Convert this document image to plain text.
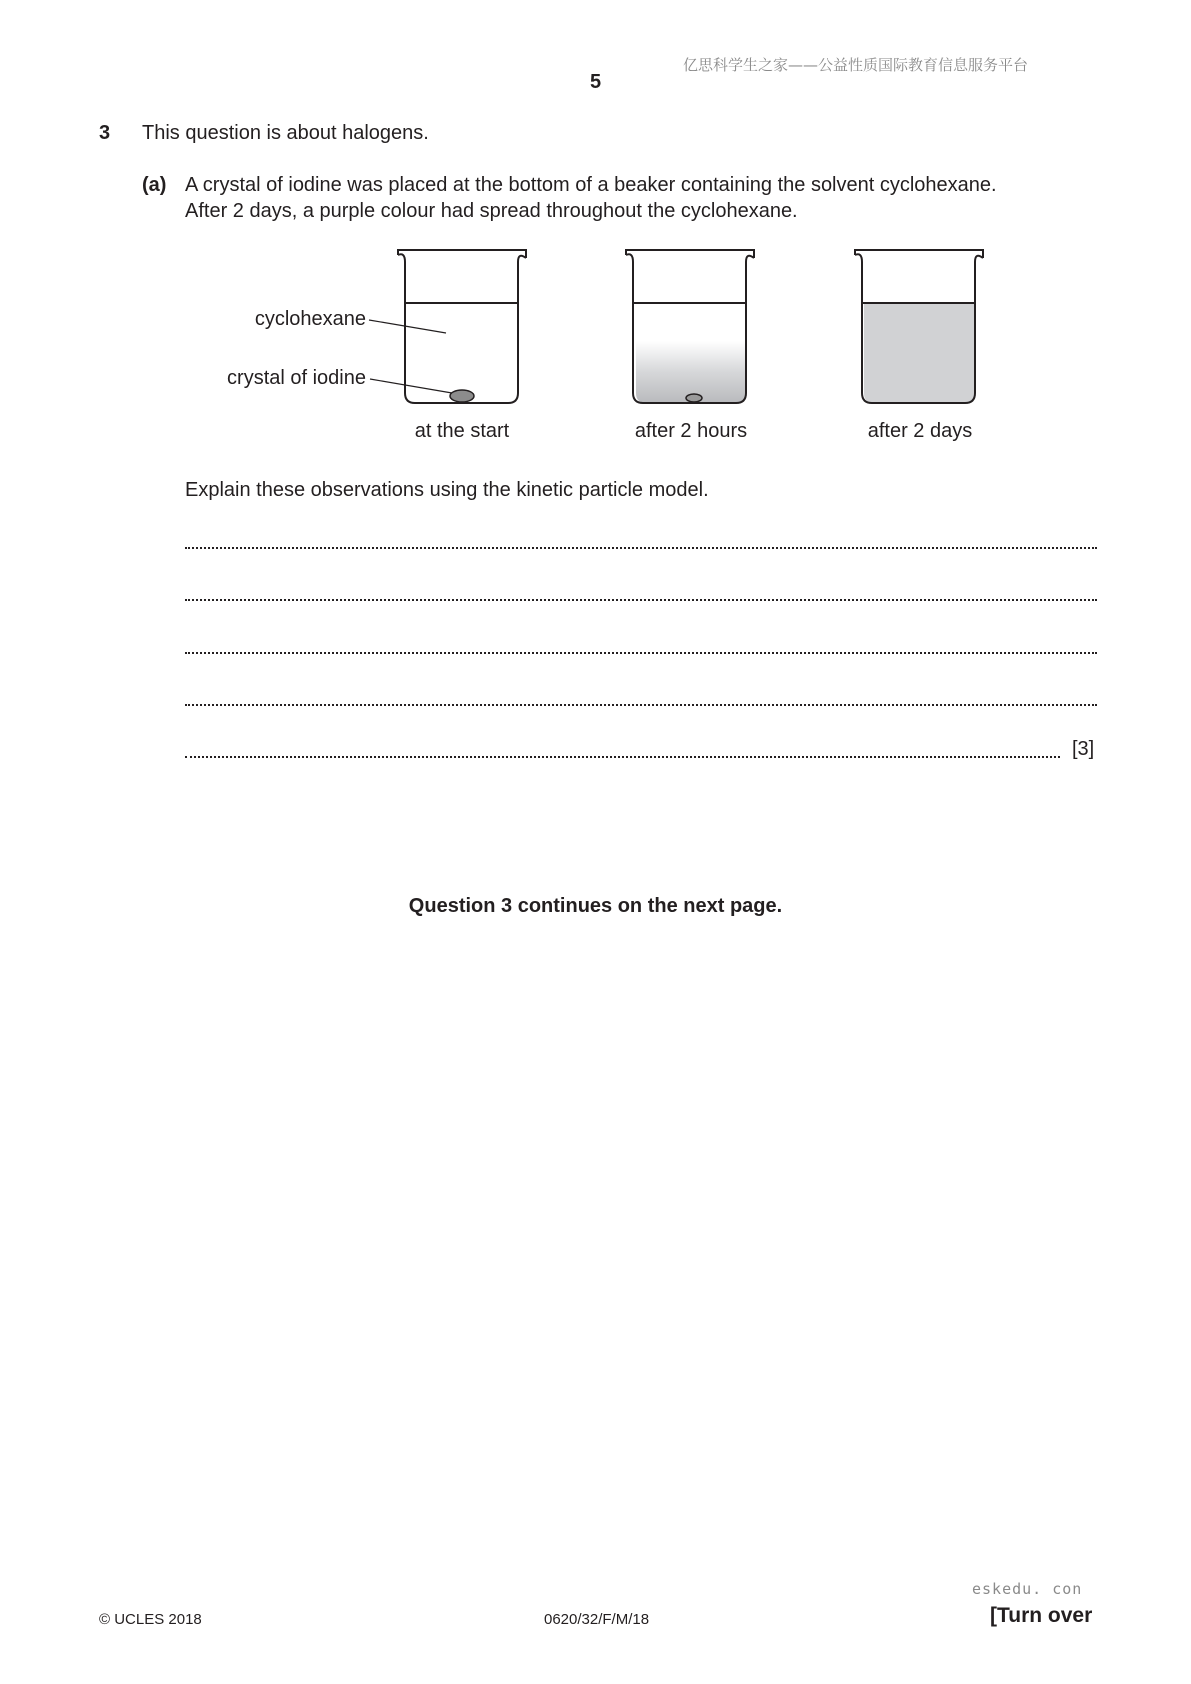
亿思科学生之家——公益性质国际教育信息服务平台
5
3 This question is about halogens.
(a) A crystal of iodine was placed at the bottom of a beaker containing the solvent cyclohexane.
After 2 days, a purple colour had spread throughout the cyclohexane.
cyclohexane
crystal of iodine
at the start	after 2 hours	after 2 days
Explain these observations using the kinetic particle model.
[3]
Question 3 continues on the next page.
eskedu. con
© UCLES 2018	0620/32/F/M/18	[Turn over
